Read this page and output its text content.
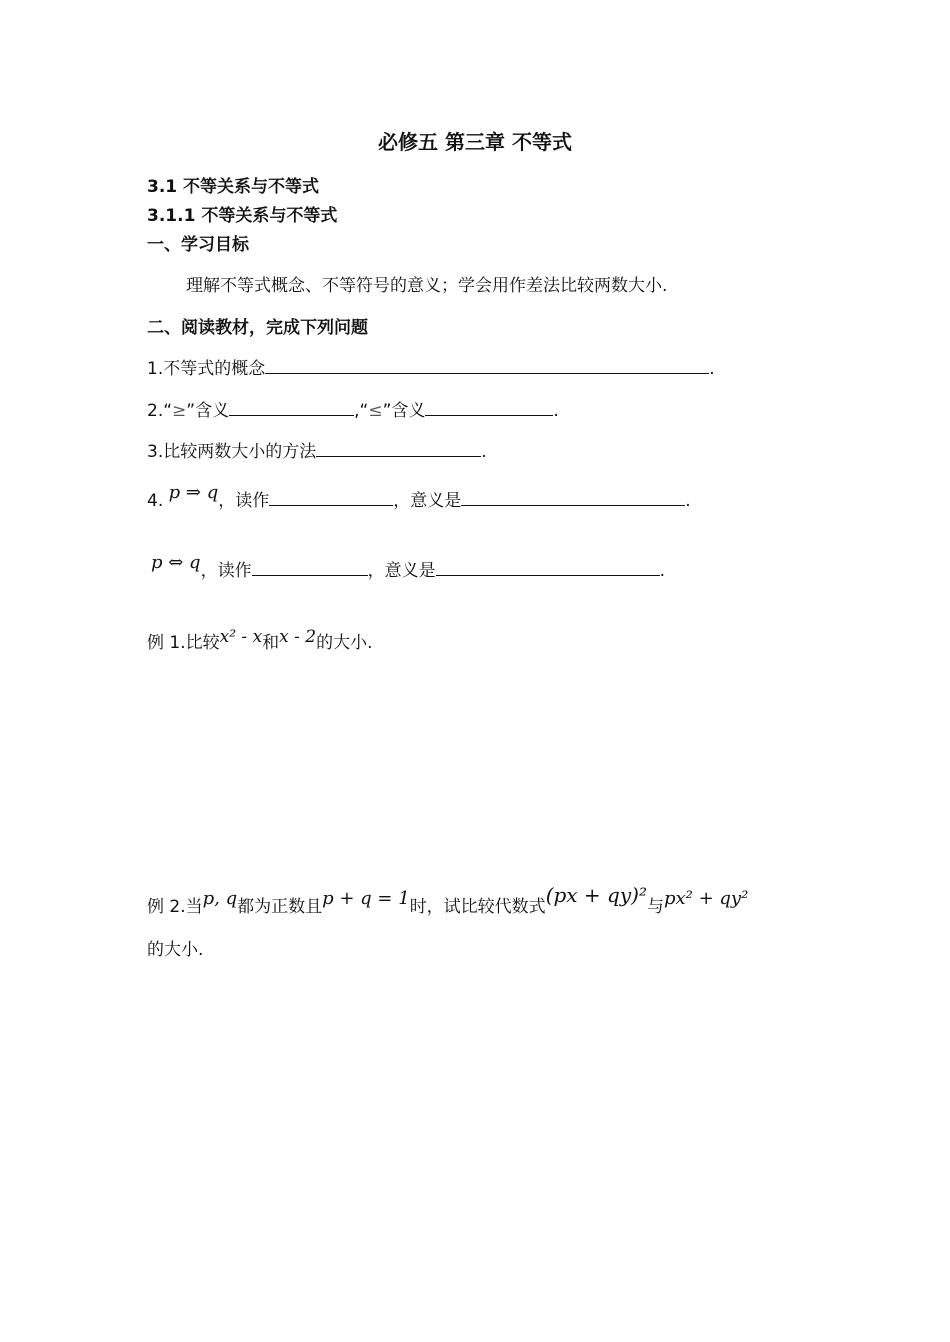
必修五 第三章 不等式
3.1 不等关系与不等式
3.1.1 不等关系与不等式
一、学习目标
理解不等式概念、不等符号的意义；学会用作差法比较两数大小.
二、阅读教材，完成下列问题
1.不等式的概念	.
2.“≥”含义	,“≤”含义	.
3.比较两数大小的方法	.
4. p ⇒ q，读作	，意义是	.
p ⇔ q，读作	，意义是	.
例 1.比较x² - x和x - 2的大小.
例 2.当p, q都为正数且p + q = 1时，试比较代数式(px + qy)²与px² + qy²
的大小.
